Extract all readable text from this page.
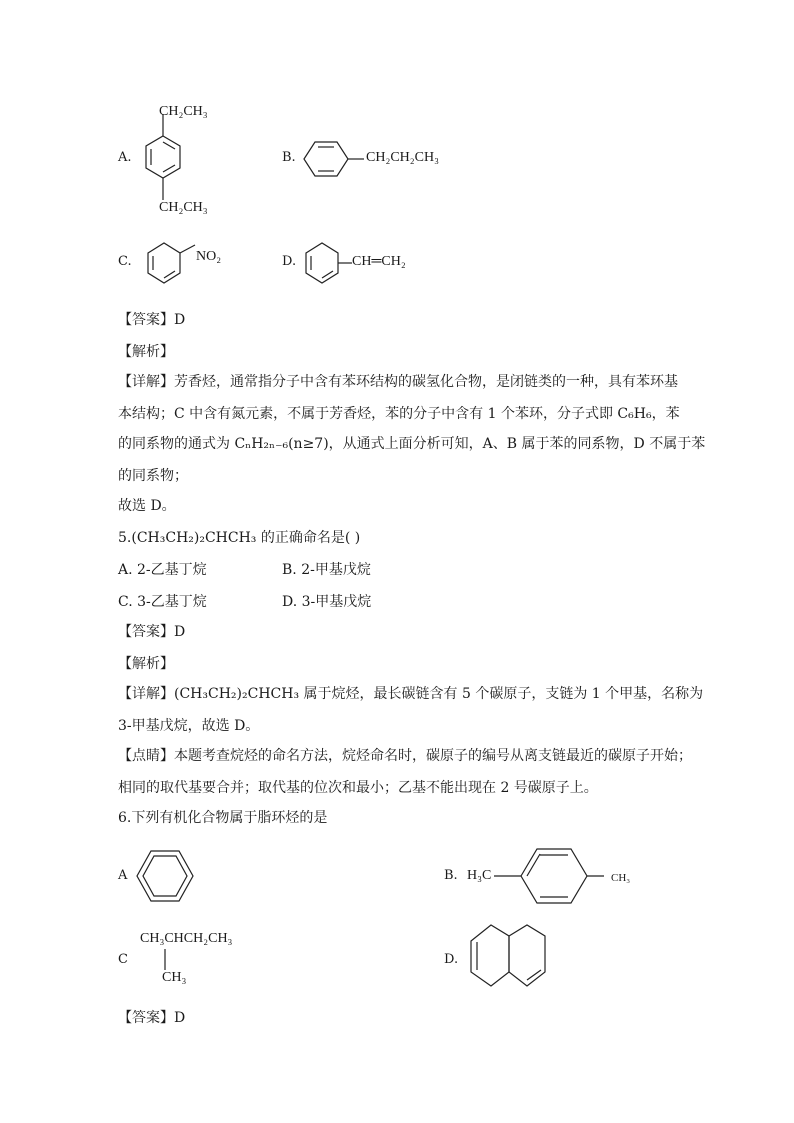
A.
CH₂CH₃
CH₂CH₃
B.	CH₂CH₂CH₃
C.	NO₂	D.	CH═CH₂
【答案】D
【解析】
【详解】芳香烃，通常指分子中含有苯环结构的碳氢化合物，是闭链类的一种，具有苯环基
本结构；C 中含有氮元素，不属于芳香烃，苯的分子中含有 1 个苯环，分子式即 C₆H₆，苯
的同系物的通式为 CₙH₂ₙ₋₆(n≥7)，从通式上面分析可知，A、B 属于苯的同系物，D 不属于苯
的同系物；
故选 D。
5.(CH₃CH₂)₂CHCH₃ 的正确命名是( )
A. 2-乙基丁烷	B. 2-甲基戊烷
C. 3-乙基丁烷	D. 3-甲基戊烷
【答案】D
【解析】
【详解】(CH₃CH₂)₂CHCH₃ 属于烷烃，最长碳链含有 5 个碳原子，支链为 1 个甲基，名称为
3-甲基戊烷，故选 D。
【点睛】本题考查烷烃的命名方法，烷烃命名时，碳原子的编号从离支链最近的碳原子开始；
相同的取代基要合并；取代基的位次和最小；乙基不能出现在 2 号碳原子上。
6.下列有机化合物属于脂环烃的是
A	B. H₃C	CH₃
C
CH₃CHCH₂CH₃
CH₃
D.
【答案】D
